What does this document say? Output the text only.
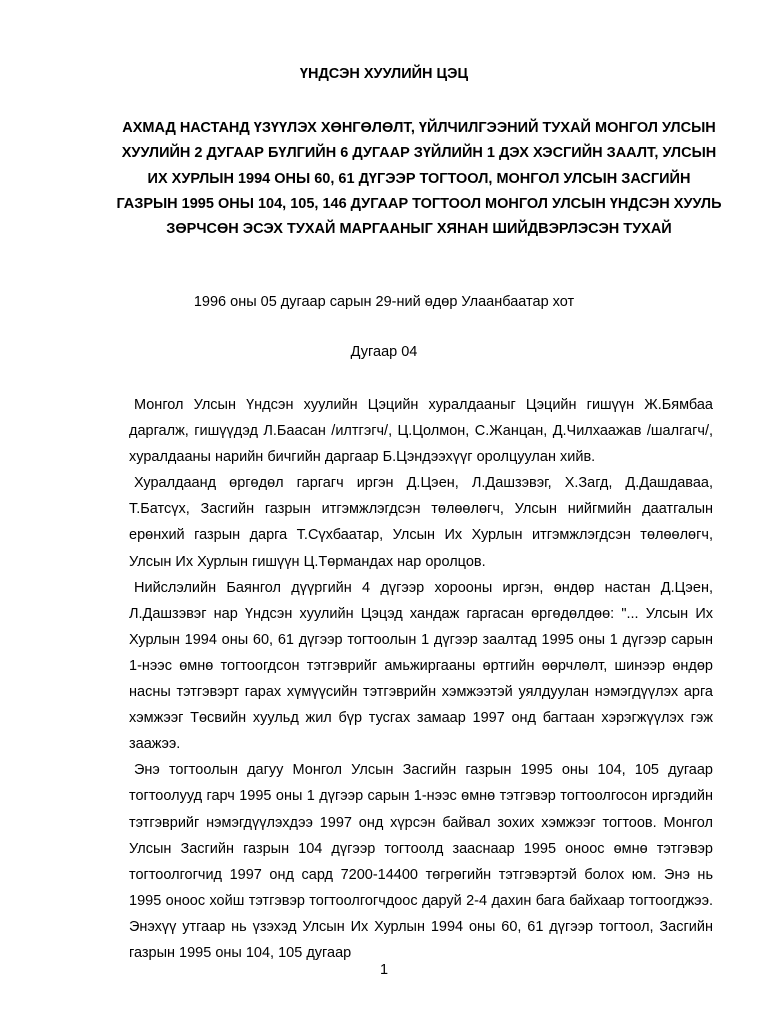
ҮНДСЭН ХУУЛИЙН ЦЭЦ
АХМАД НАСТАНД ҮЗҮҮЛЭХ ХӨНГӨЛӨЛТ, ҮЙЛЧИЛГЭЭНИЙ ТУХАЙ МОНГОЛ УЛСЫН ХУУЛИЙН 2 ДУГААР БҮЛГИЙН 6 ДУГААР ЗҮЙЛИЙН 1 ДЭХ ХЭСГИЙН ЗААЛТ, УЛСЫН ИХ ХУРЛЫН 1994 ОНЫ 60, 61 ДҮГЭЭР ТОГТООЛ, МОНГОЛ УЛСЫН ЗАСГИЙН ГАЗРЫН 1995 ОНЫ 104, 105, 146 ДУГААР ТОГТООЛ МОНГОЛ УЛСЫН ҮНДСЭН ХУУЛЬ ЗӨРЧСӨН ЭСЭХ ТУХАЙ МАРГААНЫГ ХЯНАН ШИЙДВЭРЛЭСЭН ТУХАЙ

1996 оны 05 дугаар сарын 29-ний өдөр Улаанбаатар хот

Дугаар 04

Монгол Улсын Үндсэн хуулийн Цэцийн хуралдааныг Цэцийн гишүүн Ж.Бямбаа даргалж, гишүүдэд Л.Баасан /илтгэгч/, Ц.Цолмон, С.Жанцан, Д.Чилхаажав /шалгагч/, хуралдааны нарийн бичгийн даргаар Б.Цэндээхүүг оролцуулан хийв.

Хуралдаанд өргөдөл гаргагч иргэн Д.Цэен, Л.Дашзэвэг, Х.Загд, Д.Дашдаваа, Т.Батсүх, Засгийн газрын итгэмжлэгдсэн төлөөлөгч, Улсын нийгмийн даатгалын ерөнхий газрын дарга Т.Сүхбаатар, Улсын Их Хурлын итгэмжлэгдсэн төлөөлөгч, Улсын Их Хурлын гишүүн Ц.Төрмандах нар оролцов.

Нийслэлийн Баянгол дүүргийн 4 дүгээр хорооны иргэн, өндөр настан Д.Цэен, Л.Дашзэвэг нар Үндсэн хуулийн Цэцэд хандаж гаргасан өргөдөлдөө: "... Улсын Их Хурлын 1994 оны 60, 61 дүгээр тогтоолын 1 дүгээр заалтад 1995 оны 1 дүгээр сарын 1-нээс өмнө тогтоогдсон тэтгэврийг амьжиргааны өртгийн өөрчлөлт, шинээр өндөр насны тэтгэвэрт гарах хүмүүсийн тэтгэврийн хэмжээтэй уялдуулан нэмэгдүүлэх арга хэмжээг Төсвийн хуульд жил бүр тусгах замаар 1997 онд багтаан хэрэгжүүлэх гэж заажээ.

Энэ тогтоолын дагуу Монгол Улсын Засгийн газрын 1995 оны 104, 105 дугаар тогтоолууд гарч 1995 оны 1 дүгээр сарын 1-нээс өмнө тэтгэвэр тогтоолгосон иргэдийн тэтгэврийг нэмэгдүүлэхдээ 1997 онд хүрсэн байвал зохих хэмжээг тогтоов. Монгол Улсын Засгийн газрын 104 дүгээр тогтоолд зааснаар 1995 оноос өмнө тэтгэвэр тогтоолгогчид 1997 онд сард 7200-14400 төгрөгийн тэтгэвэртэй болох юм. Энэ нь 1995 оноос хойш тэтгэвэр тогтоолгогчдоос даруй 2-4 дахин бага байхаар тогтоогджээ. Энэхүү утгаар нь үзэхэд Улсын Их Хурлын 1994 оны 60, 61 дүгээр тогтоол, Засгийн газрын 1995 оны 104, 105 дугаар

1
